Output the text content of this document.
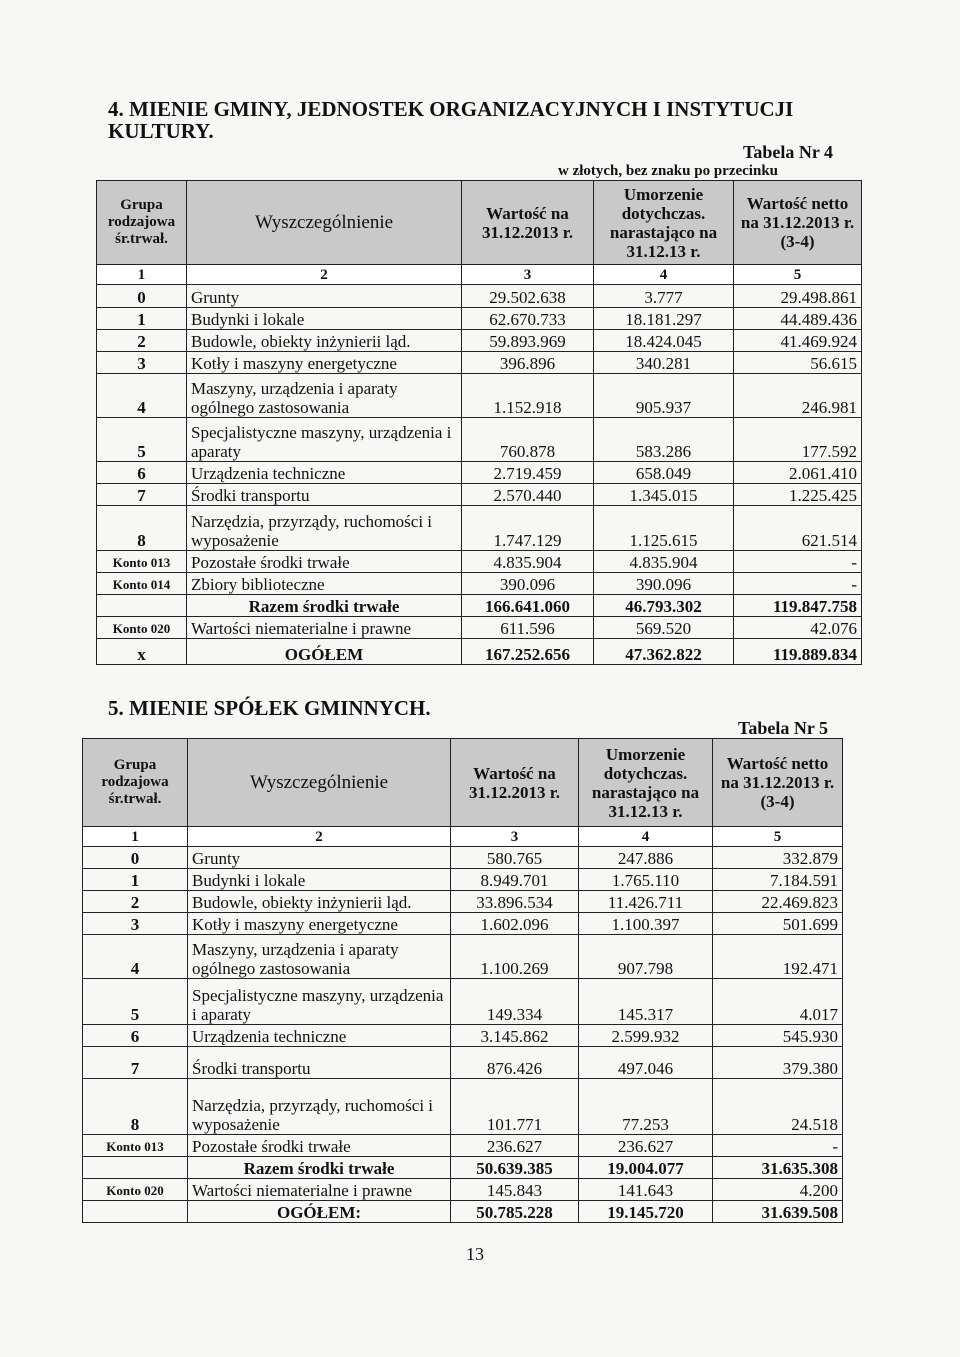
4. MIENIE GMINY, JEDNOSTEK ORGANIZACYJNYCH I INSTYTUCJI KULTURY.
Tabela Nr 4
w złotych, bez znaku po przecinku
Grupa rodzajowa śr.trwał.	Wyszczególnienie	Wartość na 31.12.2013 r.	Umorzenie dotychczas. narastająco na 31.12.13 r.	Wartość netto na 31.12.2013 r. (3-4)
1	2	3	4	5
0	Grunty	29.502.638	3.777	29.498.861
1	Budynki i lokale	62.670.733	18.181.297	44.489.436
2	Budowle, obiekty inżynierii ląd.	59.893.969	18.424.045	41.469.924
3	Kotły i maszyny energetyczne	396.896	340.281	56.615
4	Maszyny, urządzenia i aparaty ogólnego zastosowania	1.152.918	905.937	246.981
5	Specjalistyczne maszyny, urządzenia i aparaty	760.878	583.286	177.592
6	Urządzenia techniczne	2.719.459	658.049	2.061.410
7	Środki transportu	2.570.440	1.345.015	1.225.425
8	Narzędzia, przyrządy, ruchomości i wyposażenie	1.747.129	1.125.615	621.514
Konto 013	Pozostałe środki trwałe	4.835.904	4.835.904	-
Konto 014	Zbiory biblioteczne	390.096	390.096	-
	Razem środki trwałe	166.641.060	46.793.302	119.847.758
Konto 020	Wartości niematerialne i prawne	611.596	569.520	42.076
x	OGÓŁEM	167.252.656	47.362.822	119.889.834
5. MIENIE SPÓŁEK GMINNYCH.
Tabela Nr 5
Grupa rodzajowa śr.trwał.	Wyszczególnienie	Wartość na 31.12.2013 r.	Umorzenie dotychczas. narastająco na 31.12.13 r.	Wartość netto na 31.12.2013 r. (3-4)
1	2	3	4	5
0	Grunty	580.765	247.886	332.879
1	Budynki i lokale	8.949.701	1.765.110	7.184.591
2	Budowle, obiekty inżynierii ląd.	33.896.534	11.426.711	22.469.823
3	Kotły i maszyny energetyczne	1.602.096	1.100.397	501.699
4	Maszyny, urządzenia i aparaty ogólnego zastosowania	1.100.269	907.798	192.471
5	Specjalistyczne maszyny, urządzenia i aparaty	149.334	145.317	4.017
6	Urządzenia techniczne	3.145.862	2.599.932	545.930
7	Środki transportu	876.426	497.046	379.380
8	Narzędzia, przyrządy, ruchomości i wyposażenie	101.771	77.253	24.518
Konto 013	Pozostałe środki trwałe	236.627	236.627	-
	Razem środki trwałe	50.639.385	19.004.077	31.635.308
Konto 020	Wartości niematerialne i prawne	145.843	141.643	4.200
	OGÓŁEM:	50.785.228	19.145.720	31.639.508
13
